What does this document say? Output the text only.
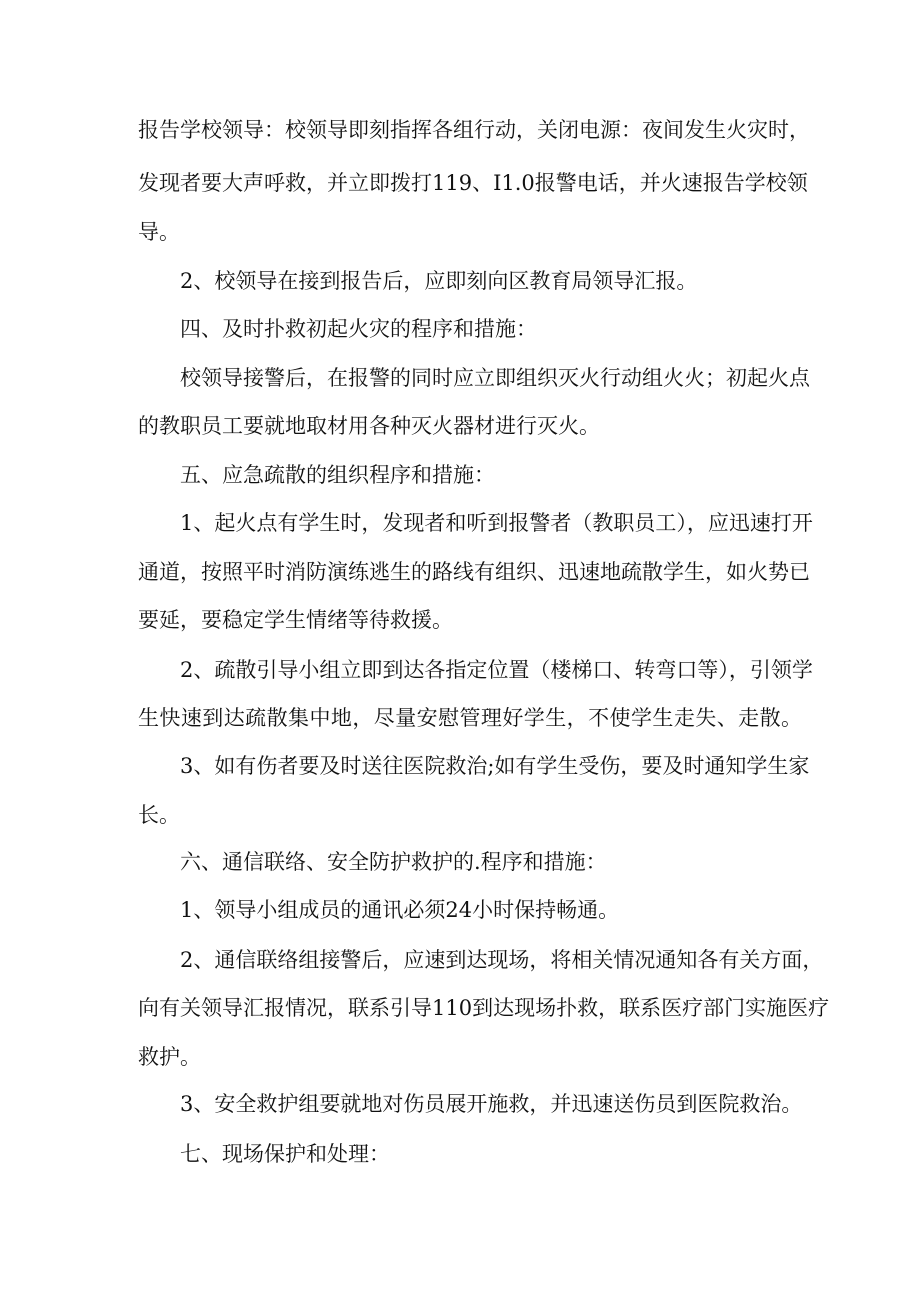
报告学校领导：校领导即刻指挥各组行动，关闭电源：夜间发生火灾时，
发现者要大声呼救，并立即拨打119、I1.0报警电话，并火速报告学校领
导。
2、校领导在接到报告后，应即刻向区教育局领导汇报。
四、及时扑救初起火灾的程序和措施：
校领导接警后，在报警的同时应立即组织灭火行动组火火；初起火点
的教职员工要就地取材用各种灭火器材进行灭火。
五、应急疏散的组织程序和措施：
1、起火点有学生时，发现者和听到报警者（教职员工），应迅速打开
通道，按照平时消防演练逃生的路线有组织、迅速地疏散学生，如火势已
要延，要稳定学生情绪等待救援。
2、疏散引导小组立即到达各指定位置（楼梯口、转弯口等），引领学
生快速到达疏散集中地，尽量安慰管理好学生，不使学生走失、走散。
3、如有伤者要及时送往医院救治;如有学生受伤，要及时通知学生家
长。
六、通信联络、安全防护救护的.程序和措施：
1、领导小组成员的通讯必须24小时保持畅通。
2、通信联络组接警后，应速到达现场，将相关情况通知各有关方面，
向有关领导汇报情况，联系引导110到达现场扑救，联系医疗部门实施医疗
救护。
3、安全救护组要就地对伤员展开施救，并迅速送伤员到医院救治。
七、现场保护和处理：
